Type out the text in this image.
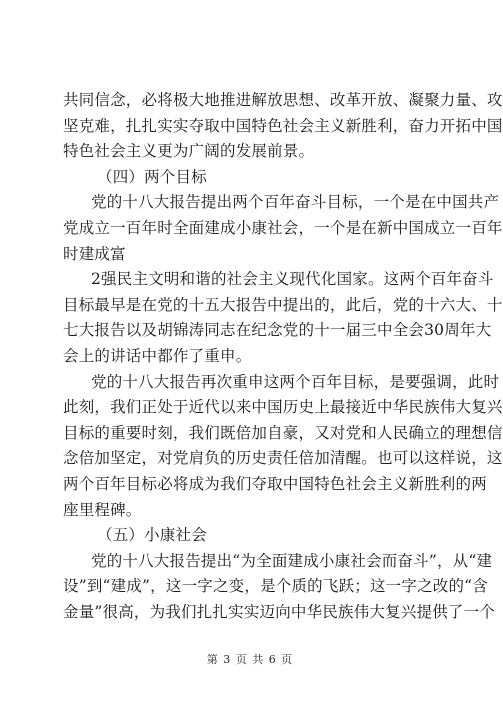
共同信念，必将极大地推进解放思想、改革开放、凝聚力量、攻
坚克难，扎扎实实夺取中国特色社会主义新胜利，奋力开拓中国
特色社会主义更为广阔的发展前景。
（四）两个目标
党的十八大报告提出两个百年奋斗目标，一个是在中国共产
党成立一百年时全面建成小康社会，一个是在新中国成立一百年
时建成富
2强民主文明和谐的社会主义现代化国家。这两个百年奋斗
目标最早是在党的十五大报告中提出的，此后，党的十六大、十
七大报告以及胡锦涛同志在纪念党的十一届三中全会30周年大
会上的讲话中都作了重申。
党的十八大报告再次重申这两个百年目标，是要强调，此时
此刻，我们正处于近代以来中国历史上最接近中华民族伟大复兴
目标的重要时刻，我们既倍加自豪，又对党和人民确立的理想信
念倍加坚定，对党肩负的历史责任倍加清醒。也可以这样说，这
两个百年目标必将成为我们夺取中国特色社会主义新胜利的两
座里程碑。
（五）小康社会
党的十八大报告提出“为全面建成小康社会而奋斗”，从“建
设”到“建成”，这一字之变，是个质的飞跃；这一字之改的“含
金量”很高，为我们扎扎实实迈向中华民族伟大复兴提供了一个
第 3 页 共 6 页
